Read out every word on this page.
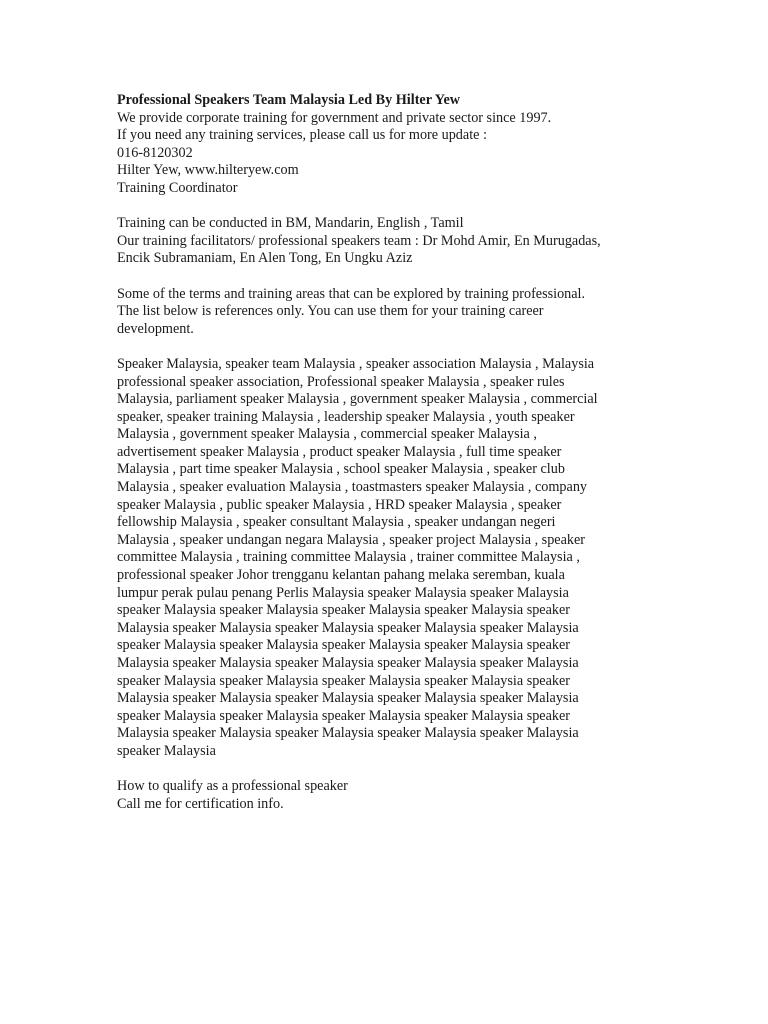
Professional Speakers Team Malaysia Led By Hilter Yew
We provide corporate training for government and private sector since 1997.
If you need any training services, please call us for more update :
016-8120302
Hilter Yew, www.hilteryew.com
Training Coordinator
Training can be conducted in BM, Mandarin, English , Tamil
Our training facilitators/ professional speakers team : Dr Mohd Amir, En Murugadas,
Encik Subramaniam, En Alen Tong, En Ungku Aziz
Some of the terms and training areas that can be explored by training professional.
The list below is references only. You can use them for your training career
development.
Speaker Malaysia, speaker team Malaysia , speaker association Malaysia , Malaysia
professional speaker association, Professional speaker Malaysia , speaker rules
Malaysia, parliament speaker Malaysia , government speaker Malaysia , commercial
speaker, speaker training Malaysia , leadership speaker Malaysia , youth speaker
Malaysia , government speaker Malaysia , commercial speaker Malaysia ,
advertisement speaker Malaysia , product speaker Malaysia , full time speaker
Malaysia , part time speaker Malaysia , school speaker Malaysia , speaker club
Malaysia , speaker evaluation Malaysia , toastmasters speaker Malaysia , company
speaker Malaysia , public speaker Malaysia , HRD speaker Malaysia , speaker
fellowship Malaysia , speaker consultant Malaysia , speaker undangan negeri
Malaysia , speaker undangan negara Malaysia , speaker project Malaysia , speaker
committee Malaysia , training committee Malaysia , trainer committee Malaysia ,
professional speaker Johor trengganu kelantan pahang melaka seremban, kuala
lumpur perak pulau penang Perlis Malaysia speaker Malaysia speaker Malaysia
speaker Malaysia speaker Malaysia speaker Malaysia speaker Malaysia speaker
Malaysia speaker Malaysia speaker Malaysia speaker Malaysia speaker Malaysia
speaker Malaysia speaker Malaysia speaker Malaysia speaker Malaysia speaker
Malaysia speaker Malaysia speaker Malaysia speaker Malaysia speaker Malaysia
speaker Malaysia speaker Malaysia speaker Malaysia speaker Malaysia speaker
Malaysia speaker Malaysia speaker Malaysia speaker Malaysia speaker Malaysia
speaker Malaysia speaker Malaysia speaker Malaysia speaker Malaysia speaker
Malaysia speaker Malaysia speaker Malaysia speaker Malaysia speaker Malaysia
speaker Malaysia
How to qualify as a professional speaker
Call me for certification info.
